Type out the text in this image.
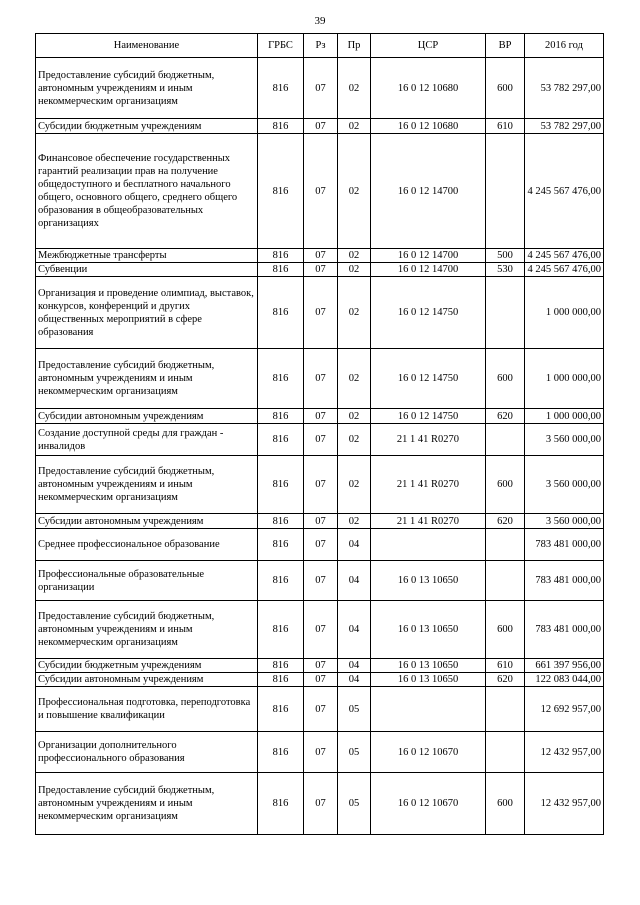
39
Наименование	ГРБС	Рз	Пр	ЦСР	ВР	2016 год
Предоставление субсидий бюджетным, автономным учреждениям и иным некоммерческим организациям	816	07	02	16 0 12 10680	600	53 782 297,00
Субсидии бюджетным учреждениям	816	07	02	16 0 12 10680	610	53 782 297,00
Финансовое обеспечение государственных гарантий реализации прав на получение общедоступного и бесплатного начального общего, основного общего, среднего общего образования в общеобразовательных организациях	816	07	02	16 0 12 14700		4 245 567 476,00
Межбюджетные трансферты	816	07	02	16 0 12 14700	500	4 245 567 476,00
Субвенции	816	07	02	16 0 12 14700	530	4 245 567 476,00
Организация и проведение олимпиад, выставок, конкурсов, конференций и других общественных мероприятий в сфере образования	816	07	02	16 0 12 14750		1 000 000,00
Предоставление субсидий бюджетным, автономным учреждениям и иным некоммерческим организациям	816	07	02	16 0 12 14750	600	1 000 000,00
Субсидии автономным учреждениям	816	07	02	16 0 12 14750	620	1 000 000,00
Создание доступной среды для граждан - инвалидов	816	07	02	21 1 41 R0270		3 560 000,00
Предоставление субсидий бюджетным, автономным учреждениям и иным некоммерческим организациям	816	07	02	21 1 41 R0270	600	3 560 000,00
Субсидии автономным учреждениям	816	07	02	21 1 41 R0270	620	3 560 000,00
Среднее профессиональное образование	816	07	04			783 481 000,00
Профессиональные образовательные организации	816	07	04	16 0 13 10650		783 481 000,00
Предоставление субсидий бюджетным, автономным учреждениям и иным некоммерческим организациям	816	07	04	16 0 13 10650	600	783 481 000,00
Субсидии бюджетным учреждениям	816	07	04	16 0 13 10650	610	661 397 956,00
Субсидии автономным учреждениям	816	07	04	16 0 13 10650	620	122 083 044,00
Профессиональная подготовка, переподготовка и повышение квалификации	816	07	05			12 692 957,00
Организации дополнительного профессионального образования	816	07	05	16 0 12 10670		12 432 957,00
Предоставление субсидий бюджетным, автономным учреждениям и иным некоммерческим организациям	816	07	05	16 0 12 10670	600	12 432 957,00
